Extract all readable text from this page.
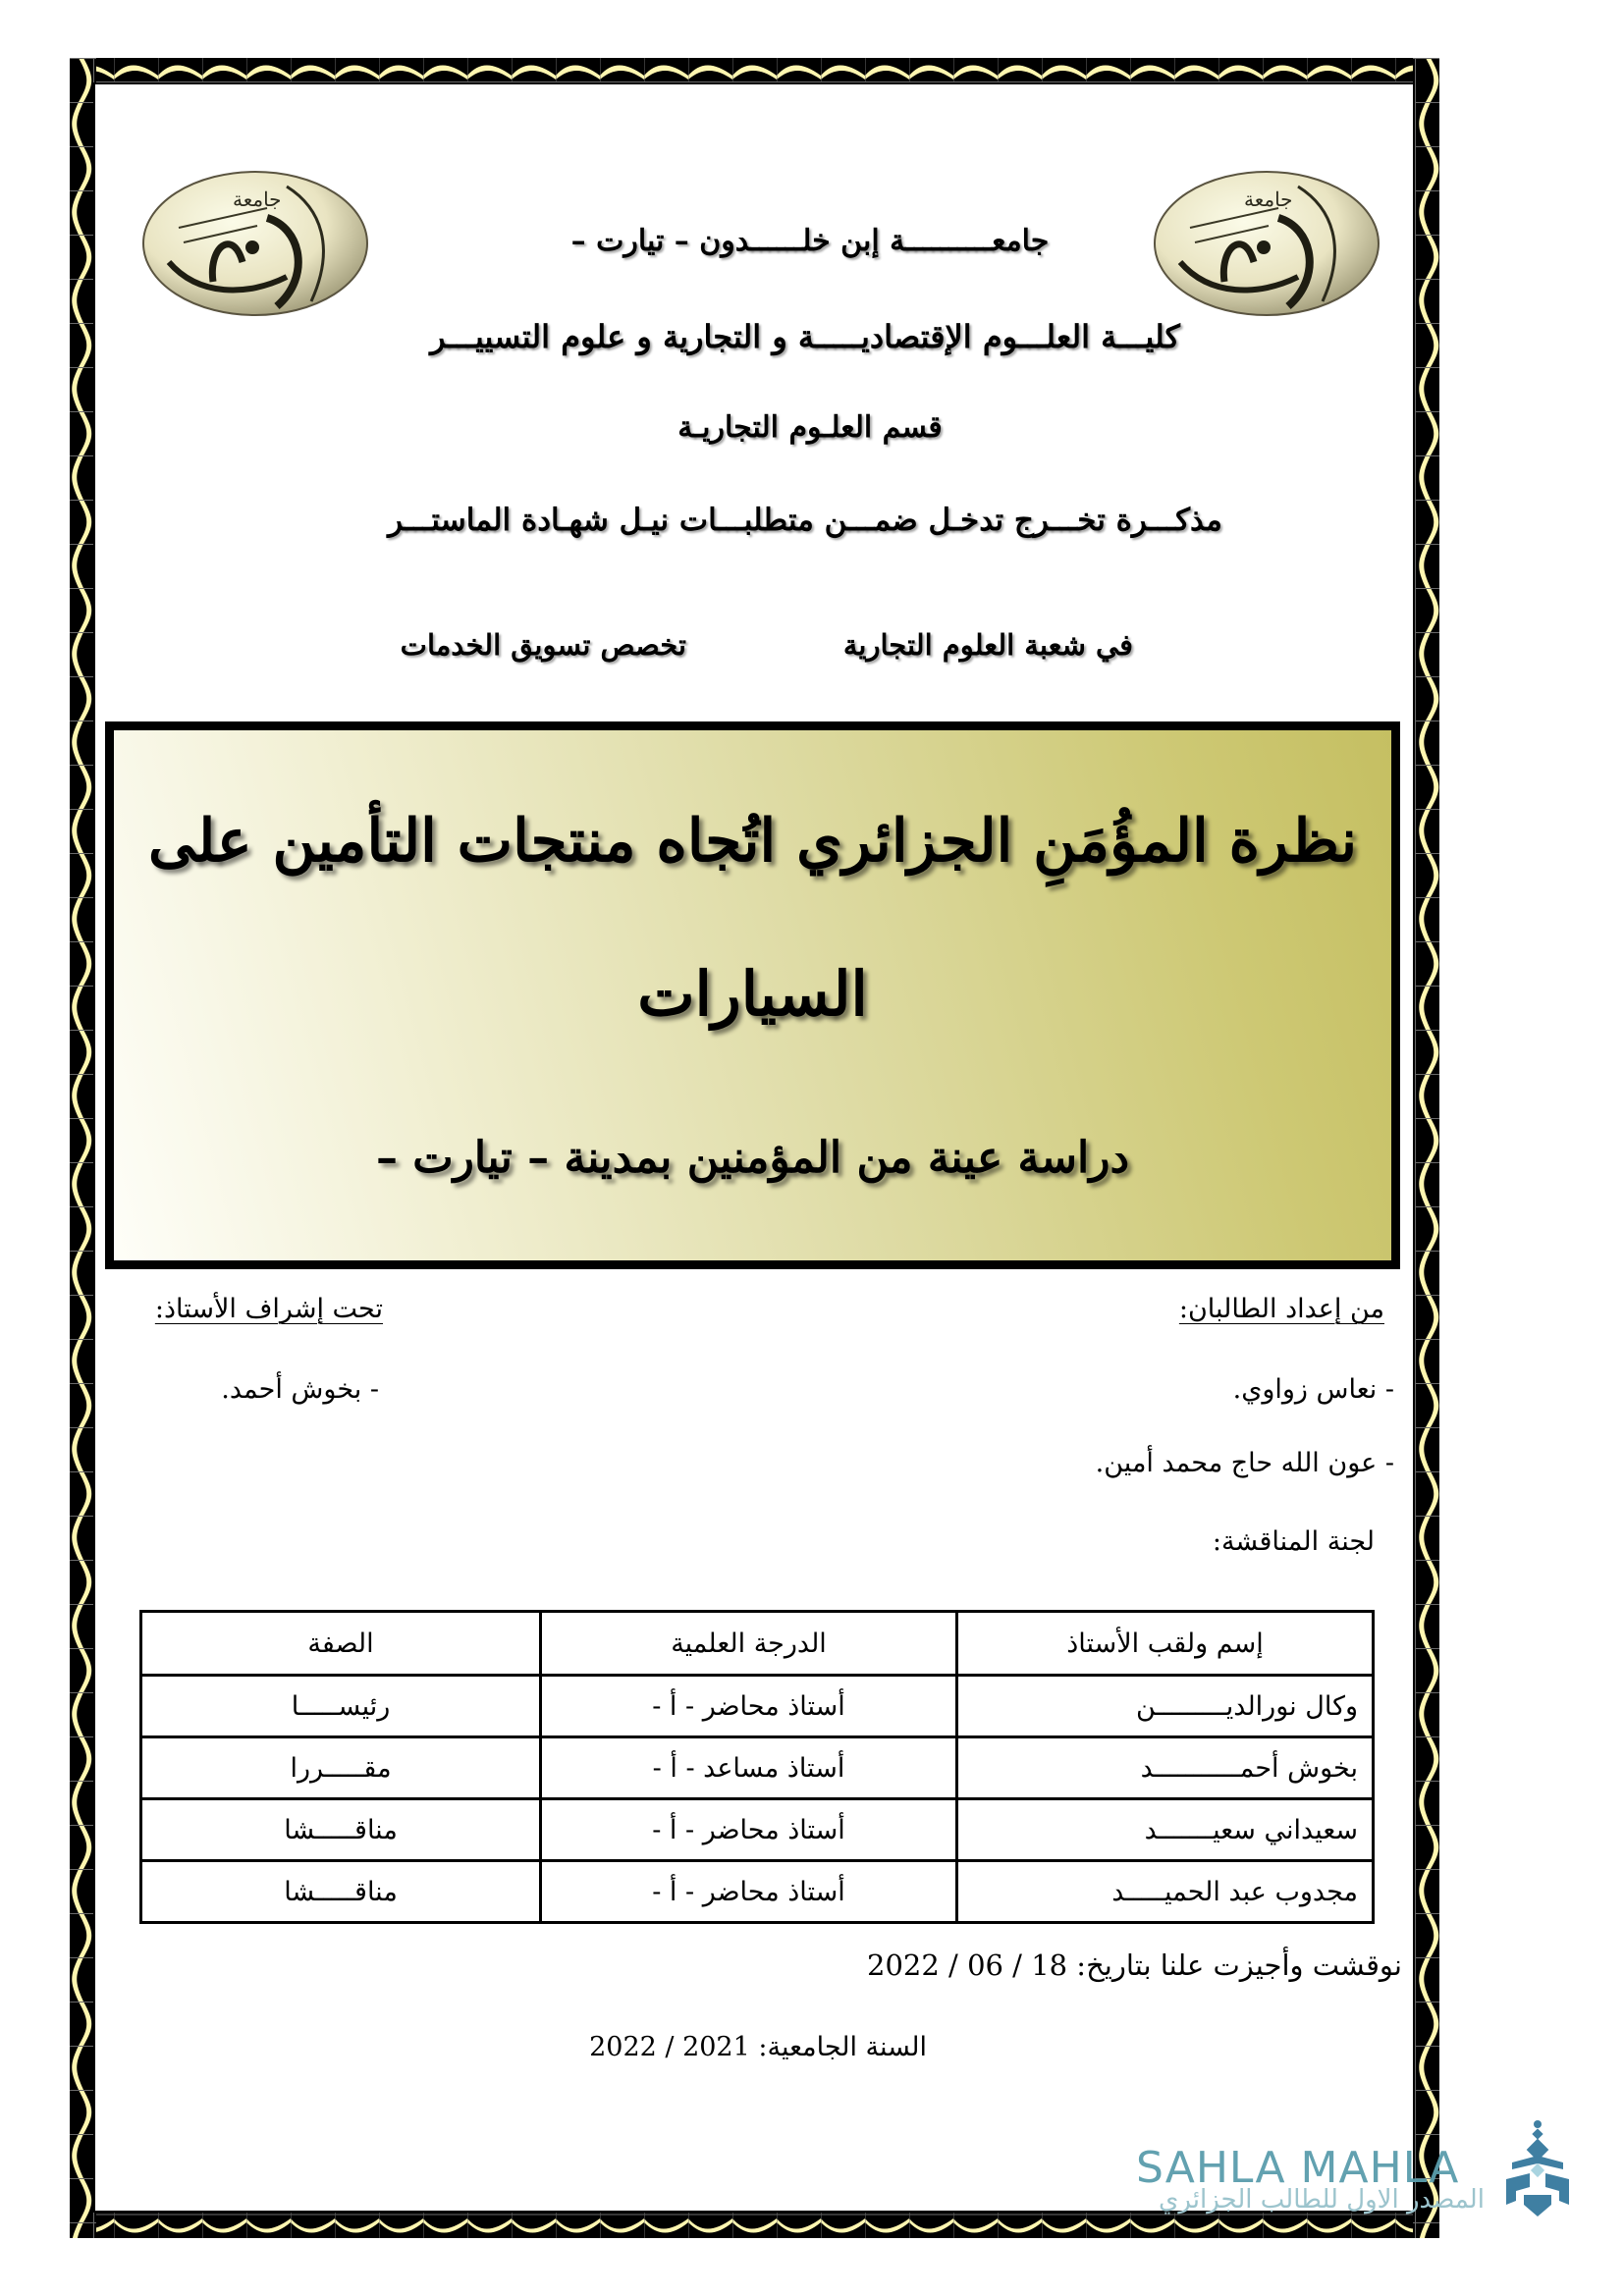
جامعة	جامعة
جامعــــــــــة إبن خلــــــدون – تيارت –
كليـــة العلـــوم الإقتصاديـــــة و التجارية و علوم التسييـــر
قسم العلـوم التجاريـة
مذكـــرة تخـــرج تدخـل ضمـــن متطلبـــات نيـل شهـادة الماستـــر
في شعبة العلوم التجارية
تخصص تسويق الخدمات
نظرة المؤُمَنِ الجزائري اتُجاه منتجات التأمين على
السيارات
دراسة عينة من المؤمنين بمدينة – تيارت –
من إعداد الطالبان:
- نعاس زواوي.
- عون الله حاج محمد أمين.
تحت إشراف الأستاذ:
- بخوش أحمد.
لجنة المناقشة:
إسم ولقب الأستاذ	الدرجة العلمية	الصفة
وكال نورالديـــــــــن	أستاذ محاضر - أ -	رئيســـــا
بخوش أحمـــــــــــد	أستاذ مساعد - أ -	مقـــــررا
سعيداني سعيـــــــد	أستاذ محاضر - أ -	مناقـــــشا
مجدوب عبد الحميـــــد	أستاذ محاضر - أ -	مناقـــــشا
نوقشت وأجيزت علنا بتاريخ: 18 / 06 / 2022
السنة الجامعية: 2021 / 2022
SAHLA MAHLA
المصدر الاول للطالب الجزائري
